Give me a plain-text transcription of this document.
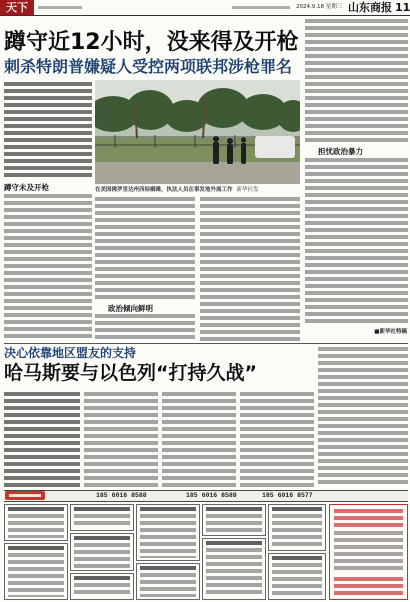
天下	2024.9.18 星期三 山东商报 11
蹲守近12小时，没来得及开枪
刺杀特朗普嫌疑人受控两项联邦涉枪罪名
蹲守未及开枪	在美国佛罗里达州西棕榈滩，执法人员在事发地外展工作 新华社发
政治倾向鲜明
担忧政治暴力
■新华社特稿
决心依靠地区盟友的支持
哈马斯要与以色列“打持久战”
185 6016 8588	185 6016 8589	185 6016 8577
